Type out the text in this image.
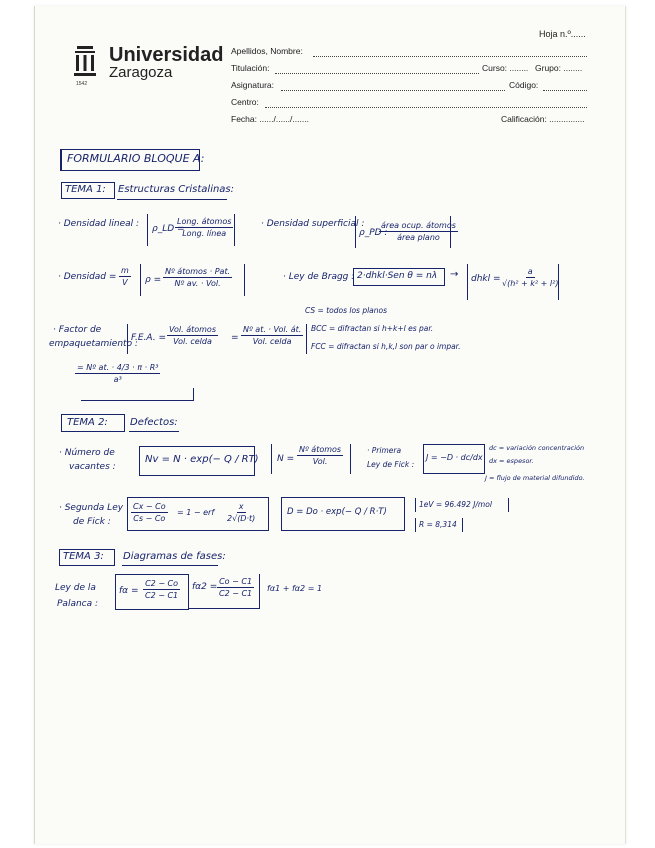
Hoja n.º......
1542
Universidad
Zaragoza
Apellidos, Nombre:
Titulación:	Curso: ........ Grupo: ........
Asignatura:	Código:
Centro:
Fecha: ....../....../.......	Calificación: ...............
FORMULARIO BLOQUE A:
TEMA 1: Estructuras Cristalinas:
· Densidad lineal : ρ_LD =
Long. átomos
Long. línea
· Densidad superficial :
ρ_PD :
área ocup. átomos
área plano
· Densidad = $\frac{m}{V}$ ρ =
Nº átomos · Pat.
Nº av. · Vol.
· Ley de Bragg : 2·dhkl·Sen θ = nλ → dhkl = $\frac{a}{\text{√(h² + k² + l²)}}$
CS = todos los planos
BCC = difractan si h+k+l es par.
FCC = difractan si h,k,l son par o impar.
· Factor de
empaquetamiento :
F.E.A. =
Vol. átomos
Vol. celda =
Nº at. · Vol. át.
Vol. celda
$\frac{\text{= Nº at. · 4/3 · π · R³}}{\text{a³}}$
TEMA 2: Defectos:
· Número de
vacantes :
Nv = N · exp(− Q / RT) N =
Nº átomos
Vol.
· Primera
Ley de Fick :
J = −D · dc/dx
dc = variación concentración
dx = espesor.
J = flujo de material difundido.
· Segunda Ley
de Fick :	$\frac{Cx - Co}{Cs - Co} = 1$ − erf $\frac{x}{2√(D\cdot t)}$	D = Do · exp(− Q / R·T)
1eV = 96.492 J/mol
R = 8,314
TEMA 3: Diagramas de fases:
Ley de la
Palanca :
$f\alpha = \frac{C2 - Co}{C2 - C1} f\alpha 2 = \frac{Co - C1}{C2 - C1} f\alpha 1 + f\alpha 2 = 1$
